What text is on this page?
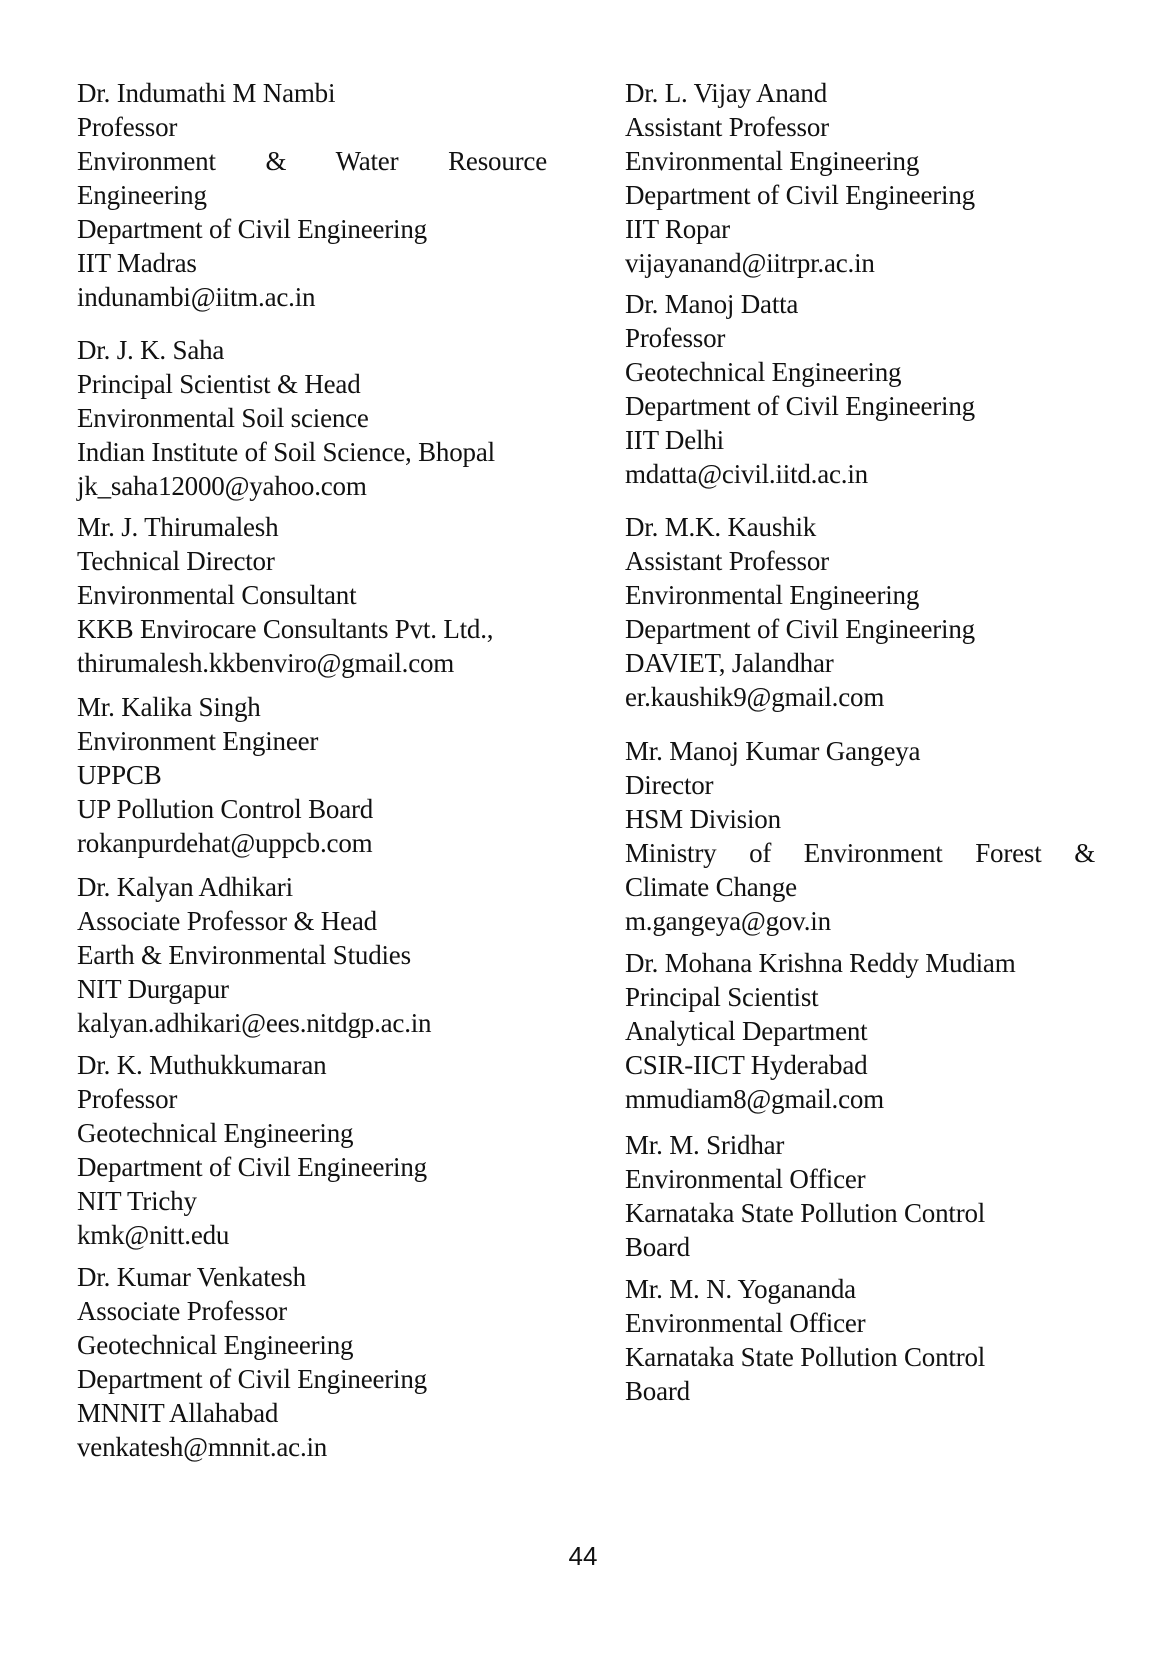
Dr. Indumathi M Nambi
Professor
Environment & Water Resource
Engineering
Department of Civil Engineering
IIT Madras
indunambi@iitm.ac.in
Dr. J. K. Saha
Principal Scientist & Head
Environmental Soil science
Indian Institute of Soil Science, Bhopal
jk_saha12000@yahoo.com
Mr. J. Thirumalesh
Technical Director
Environmental Consultant
KKB Envirocare Consultants Pvt. Ltd.,
thirumalesh.kkbenviro@gmail.com
Mr. Kalika Singh
Environment Engineer
UPPCB
UP Pollution Control Board
rokanpurdehat@uppcb.com
Dr. Kalyan Adhikari
Associate Professor & Head
Earth & Environmental Studies
NIT Durgapur
kalyan.adhikari@ees.nitdgp.ac.in
Dr. K. Muthukkumaran
Professor
Geotechnical Engineering
Department of Civil Engineering
NIT Trichy
kmk@nitt.edu
Dr. Kumar Venkatesh
Associate Professor
Geotechnical Engineering
Department of Civil Engineering
MNNIT Allahabad
venkatesh@mnnit.ac.in
Dr. L. Vijay Anand
Assistant Professor
Environmental Engineering
Department of Civil Engineering
IIT Ropar
vijayanand@iitrpr.ac.in
Dr. Manoj Datta
Professor
Geotechnical Engineering
Department of Civil Engineering
IIT Delhi
mdatta@civil.iitd.ac.in
Dr. M.K. Kaushik
Assistant Professor
Environmental Engineering
Department of Civil Engineering
DAVIET, Jalandhar
er.kaushik9@gmail.com
Mr. Manoj Kumar Gangeya
Director
HSM Division
Ministry of Environment Forest &
Climate Change
m.gangeya@gov.in
Dr. Mohana Krishna Reddy Mudiam
Principal Scientist
Analytical Department
CSIR-IICT Hyderabad
mmudiam8@gmail.com
Mr. M. Sridhar
Environmental Officer
Karnataka State Pollution Control
Board
Mr. M. N. Yogananda
Environmental Officer
Karnataka State Pollution Control
Board
44
